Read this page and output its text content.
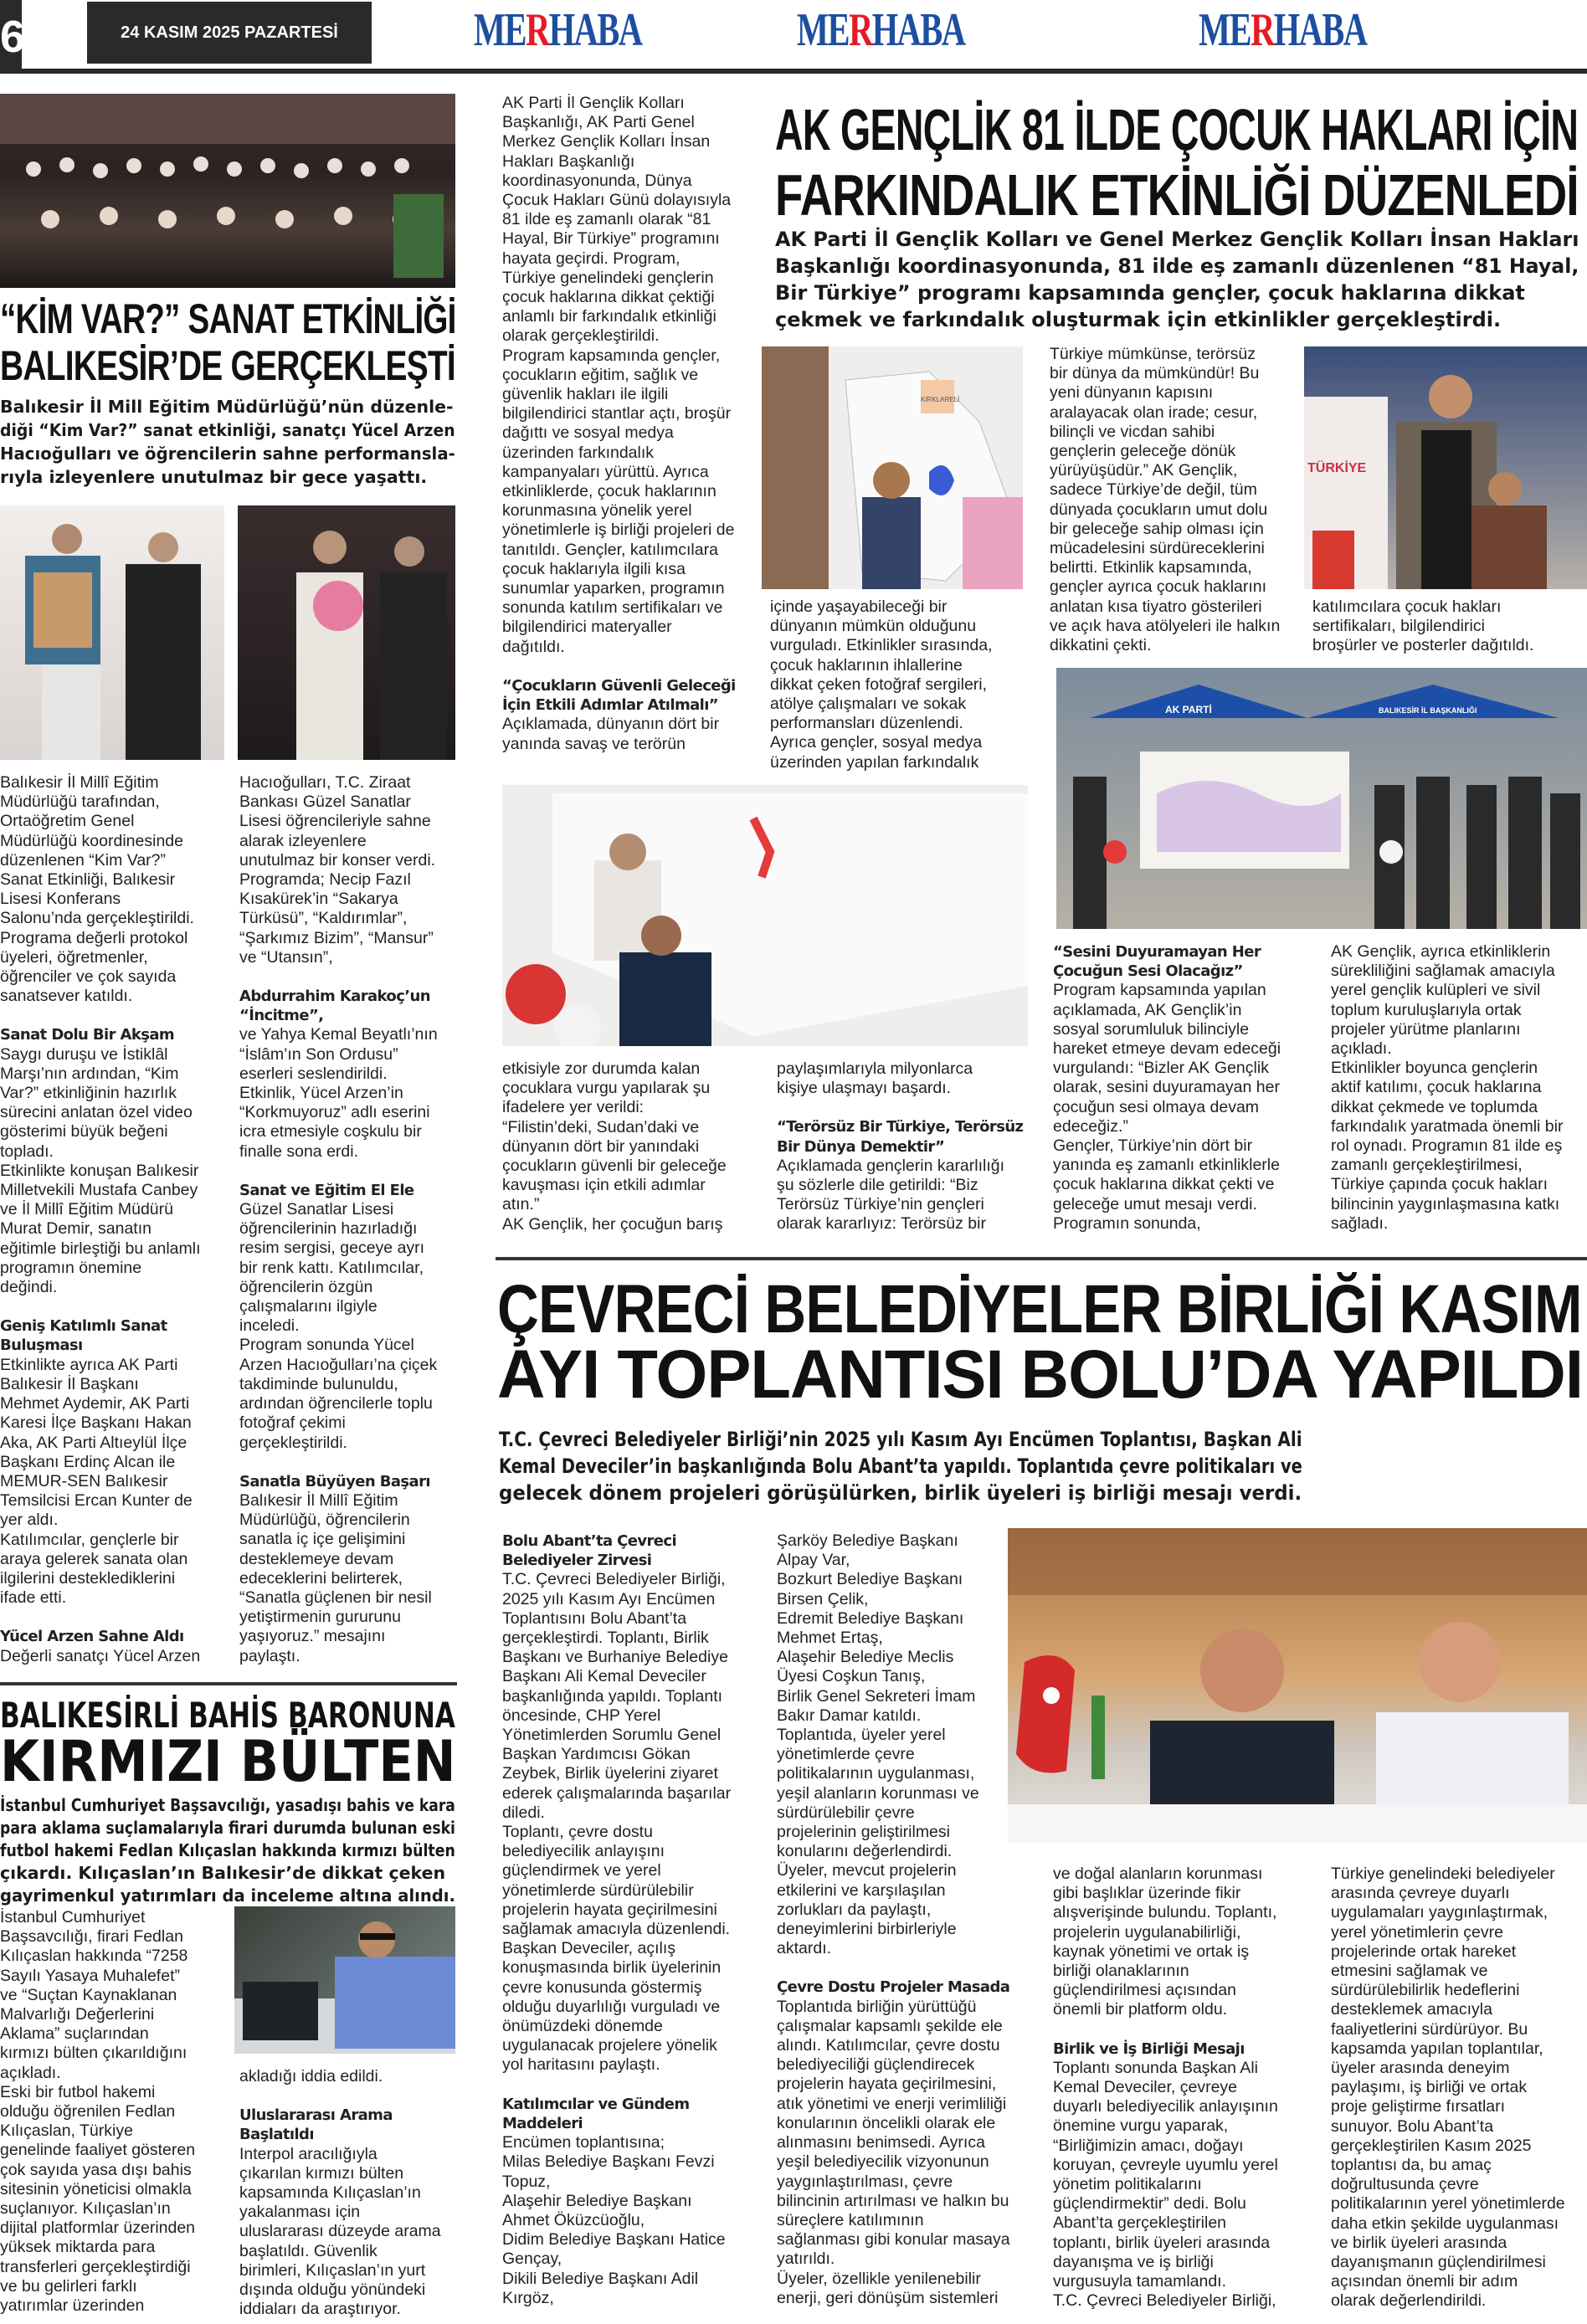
6	24 KASIM 2025 PAZARTESİ	MERHABA	MERHABA	MERHABA
“KİM VAR?” SANAT ETKİNLİĞİ
BALIKESİR’DE GERÇEKLEŞTİ
Balıkesir İl Mill Eğitim Müdürlüğü’nün düzenle-
diği “Kim Var?” sanat etkinliği, sanatçı Yücel Arzen
Hacıoğulları ve öğrencilerin sahne performansla-
rıyla izleyenlere unutulmaz bir gece yaşattı.

Balıkesir İl Millî Eğitim

Müdürlüğü tarafından,

Ortaöğretim Genel

Müdürlüğü koordinesinde

düzenlenen “Kim Var?”

Sanat Etkinliği, Balıkesir

Lisesi Konferans

Salonu’nda gerçekleştirildi.

Programa değerli protokol

üyeleri, öğretmenler,

öğrenciler ve çok sayıda

sanatsever katıldı.

Sanat Dolu Bir Akşam

Saygı duruşu ve İstiklâl

Marşı’nın ardından, “Kim

Var?” etkinliğinin hazırlık

sürecini anlatan özel video

gösterimi büyük beğeni

topladı.

Etkinlikte konuşan Balıkesir

Milletvekili Mustafa Canbey

ve İl Millî Eğitim Müdürü

Murat Demir, sanatın

eğitimle birleştiği bu anlamlı

programın önemine

değindi.

Geniş Katılımlı Sanat

Buluşması

Etkinlikte ayrıca AK Parti

Balıkesir İl Başkanı

Mehmet Aydemir, AK Parti

Karesi İlçe Başkanı Hakan

Aka, AK Parti Altıeylül İlçe

Başkanı Erdinç Alcan ile

MEMUR-SEN Balıkesir

Temsilcisi Ercan Kunter de

yer aldı.

Katılımcılar, gençlerle bir

araya gelerek sanata olan

ilgilerini desteklediklerini

ifade etti.

Yücel Arzen Sahne Aldı

Değerli sanatçı Yücel Arzen

Hacıoğulları, T.C. Ziraat

Bankası Güzel Sanatlar

Lisesi öğrencileriyle sahne

alarak izleyenlere

unutulmaz bir konser verdi.

Programda; Necip Fazıl

Kısakürek’in “Sakarya

Türküsü”, “Kaldırımlar”,

“Şarkımız Bizim”, “Mansur”

ve “Utansın”,

Abdurrahim Karakoç’un

“İncitme”,

ve Yahya Kemal Beyatlı’nın

“İslâm’ın Son Ordusu”

eserleri seslendirildi.

Etkinlik, Yücel Arzen’in

“Korkmuyoruz” adlı eserini

icra etmesiyle coşkulu bir

finalle sona erdi.

Sanat ve Eğitim El Ele

Güzel Sanatlar Lisesi

öğrencilerinin hazırladığı

resim sergisi, geceye ayrı

bir renk kattı. Katılımcılar,

öğrencilerin özgün

çalışmalarını ilgiyle

inceledi.

Program sonunda Yücel

Arzen Hacıoğulları’na çiçek

takdiminde bulunuldu,

ardından öğrencilerle toplu

fotoğraf çekimi

gerçekleştirildi.

Sanatla Büyüyen Başarı

Balıkesir İl Millî Eğitim

Müdürlüğü, öğrencilerin

sanatla iç içe gelişimini

desteklemeye devam

edeceklerini belirterek,

“Sanatla güçlenen bir nesil

yetiştirmenin gururunu

yaşıyoruz.” mesajını

paylaştı.

BALIKESİRLİ BAHİS BARONUNA
KIRMIZI BÜLTEN
İstanbul Cumhuriyet Başsavcılığı, yasadışı bahis ve kara
para aklama suçlamalarıyla firari durumda bulunan eski
futbol hakemi Fedlan Kılıçaslan hakkında kırmızı bülten
çıkardı. Kılıçaslan’ın Balıkesir’de dikkat çeken
gayrimenkul yatırımları da inceleme altına alındı.

İstanbul Cumhuriyet

Başsavcılığı, firari Fedlan

Kılıçaslan hakkında “7258

Sayılı Yasaya Muhalefet”

ve “Suçtan Kaynaklanan

Malvarlığı Değerlerini

Aklama” suçlarından

kırmızı bülten çıkarıldığını

açıkladı.

Eski bir futbol hakemi

olduğu öğrenilen Fedlan

Kılıçaslan, Türkiye

genelinde faaliyet gösteren

çok sayıda yasa dışı bahis

sitesinin yöneticisi olmakla

suçlanıyor. Kılıçaslan’ın

dijital platformlar üzerinden

yüksek miktarda para

transferleri gerçekleştirdiği

ve bu gelirleri farklı

yatırımlar üzerinden

akladığı iddia edildi.

Uluslararası Arama

Başlatıldı

Interpol aracılığıyla

çıkarılan kırmızı bülten

kapsamında Kılıçaslan’ın

yakalanması için

uluslararası düzeyde arama

başlatıldı. Güvenlik

birimleri, Kılıçaslan’ın yurt

dışında olduğu yönündeki

iddiaları da araştırıyor.

AK Parti İl Gençlik Kolları

Başkanlığı, AK Parti Genel

Merkez Gençlik Kolları İnsan

Hakları Başkanlığı

koordinasyonunda, Dünya

Çocuk Hakları Günü dolayısıyla

81 ilde eş zamanlı olarak “81

Hayal, Bir Türkiye” programını

hayata geçirdi. Program,

Türkiye genelindeki gençlerin

çocuk haklarına dikkat çektiği

anlamlı bir farkındalık etkinliği

olarak gerçekleştirildi.

Program kapsamında gençler,

çocukların eğitim, sağlık ve

güvenlik hakları ile ilgili

bilgilendirici stantlar açtı, broşür

dağıttı ve sosyal medya

üzerinden farkındalık

kampanyaları yürüttü. Ayrıca

etkinliklerde, çocuk haklarının

korunmasına yönelik yerel

yönetimlerle iş birliği projeleri de

tanıtıldı. Gençler, katılımcılara

çocuk haklarıyla ilgili kısa

sunumlar yaparken, programın

sonunda katılım sertifikaları ve

bilgilendirici materyaller

dağıtıldı.

“Çocukların Güvenli Geleceği

İçin Etkili Adımlar Atılmalı”

Açıklamada, dünyanın dört bir

yanında savaş ve terörün

AK GENÇLİK 81 İLDE ÇOCUK HAKLARI İÇİN
FARKINDALIK ETKİNLİĞİ DÜZENLEDİ
AK Parti İl Gençlik Kolları ve Genel Merkez Gençlik Kolları İnsan Hakları
Başkanlığı koordinasyonunda, 81 ilde eş zamanlı düzenlenen “81 Hayal,
Bir Türkiye” programı kapsamında gençler, çocuk haklarına dikkat
çekmek ve farkındalık oluşturmak için etkinlikler gerçekleştirdi.
KIRKLARELİ

Türkiye mümkünse, terörsüz

bir dünya da mümkündür! Bu

yeni dünyanın kapısını

aralayacak olan irade; cesur,

bilinçli ve vicdan sahibi

gençlerin geleceğe dönük

yürüyüşüdür.” AK Gençlik,

sadece Türkiye’de değil, tüm

dünyada çocukların umut dolu

bir geleceğe sahip olması için

mücadelesini sürdüreceklerini

belirtti. Etkinlik kapsamında,

gençler ayrıca çocuk haklarını

anlatan kısa tiyatro gösterileri

ve açık hava atölyeleri ile halkın

dikkatini çekti.

TÜRKİYE

içinde yaşayabileceği bir

dünyanın mümkün olduğunu

vurguladı. Etkinlikler sırasında,

çocuk haklarının ihlallerine

dikkat çeken fotoğraf sergileri,

atölye çalışmaları ve sokak

performansları düzenlendi.

Ayrıca gençler, sosyal medya

üzerinden yapılan farkındalık

katılımcılara çocuk hakları

sertifikaları, bilgilendirici

broşürler ve posterler dağıtıldı.

AK PARTİ	BALIKESİR İL BAŞKANLIĞI

etkisiyle zor durumda kalan

çocuklara vurgu yapılarak şu

ifadelere yer verildi:

“Filistin’deki, Sudan’daki ve

dünyanın dört bir yanındaki

çocukların güvenli bir geleceğe

kavuşması için etkili adımlar

atın.”

AK Gençlik, her çocuğun barış

paylaşımlarıyla milyonlarca

kişiye ulaşmayı başardı.

“Terörsüz Bir Türkiye, Terörsüz

Bir Dünya Demektir”

Açıklamada gençlerin kararlılığı

şu sözlerle dile getirildi: “Biz

Terörsüz Türkiye’nin gençleri

olarak kararlıyız: Terörsüz bir

“Sesini Duyuramayan Her

Çocuğun Sesi Olacağız”

Program kapsamında yapılan

açıklamada, AK Gençlik’in

sosyal sorumluluk bilinciyle

hareket etmeye devam edeceği

vurgulandı: “Bizler AK Gençlik

olarak, sesini duyuramayan her

çocuğun sesi olmaya devam

edeceğiz.”

Gençler, Türkiye’nin dört bir

yanında eş zamanlı etkinliklerle

çocuk haklarına dikkat çekti ve

geleceğe umut mesajı verdi.

Programın sonunda,

AK Gençlik, ayrıca etkinliklerin

sürekliliğini sağlamak amacıyla

yerel gençlik kulüpleri ve sivil

toplum kuruluşlarıyla ortak

projeler yürütme planlarını

açıkladı.

Etkinlikler boyunca gençlerin

aktif katılımı, çocuk haklarına

dikkat çekmede ve toplumda

farkındalık yaratmada önemli bir

rol oynadı. Programın 81 ilde eş

zamanlı gerçekleştirilmesi,

Türkiye çapında çocuk hakları

bilincinin yaygınlaşmasına katkı

sağladı.

ÇEVRECİ BELEDİYELER BİRLİĞİ KASIM
AYI TOPLANTISI BOLU’DA YAPILDI
T.C. Çevreci Belediyeler Birliği’nin 2025 yılı Kasım Ayı Encümen Toplantısı, Başkan Ali
Kemal Deveciler’in başkanlığında Bolu Abant’ta yapıldı. Toplantıda çevre politikaları ve
gelecek dönem projeleri görüşülürken, birlik üyeleri iş birliği mesajı verdi.

Bolu Abant’ta Çevreci

Belediyeler Zirvesi

T.C. Çevreci Belediyeler Birliği,

2025 yılı Kasım Ayı Encümen

Toplantısını Bolu Abant’ta

gerçekleştirdi. Toplantı, Birlik

Başkanı ve Burhaniye Belediye

Başkanı Ali Kemal Deveciler

başkanlığında yapıldı. Toplantı

öncesinde, CHP Yerel

Yönetimlerden Sorumlu Genel

Başkan Yardımcısı Gökan

Zeybek, Birlik üyelerini ziyaret

ederek çalışmalarında başarılar

diledi.

Toplantı, çevre dostu

belediyecilik anlayışını

güçlendirmek ve yerel

yönetimlerde sürdürülebilir

projelerin hayata geçirilmesini

sağlamak amacıyla düzenlendi.

Başkan Deveciler, açılış

konuşmasında birlik üyelerinin

çevre konusunda göstermiş

olduğu duyarlılığı vurguladı ve

önümüzdeki dönemde

uygulanacak projelere yönelik

yol haritasını paylaştı.

Katılımcılar ve Gündem

Maddeleri

Encümen toplantısına;

Milas Belediye Başkanı Fevzi

Topuz,

Alaşehir Belediye Başkanı

Ahmet Öküzcüoğlu,

Didim Belediye Başkanı Hatice

Gençay,

Dikili Belediye Başkanı Adil

Kırgöz,

Şarköy Belediye Başkanı

Alpay Var,

Bozkurt Belediye Başkanı

Birsen Çelik,

Edremit Belediye Başkanı

Mehmet Ertaş,

Alaşehir Belediye Meclis

Üyesi Coşkun Tanış,

Birlik Genel Sekreteri İmam

Bakır Damar katıldı.

Toplantıda, üyeler yerel

yönetimlerde çevre

politikalarının uygulanması,

yeşil alanların korunması ve

sürdürülebilir çevre

projelerinin geliştirilmesi

konularını değerlendirdi.

Üyeler, mevcut projelerin

etkilerini ve karşılaşılan

zorlukları da paylaştı,

deneyimlerini birbirleriyle

aktardı.

Çevre Dostu Projeler Masada

Toplantıda birliğin yürüttüğü

çalışmalar kapsamlı şekilde ele

alındı. Katılımcılar, çevre dostu

belediyeciliği güçlendirecek

projelerin hayata geçirilmesini,

atık yönetimi ve enerji verimliliği

konularının öncelikli olarak ele

alınmasını benimsedi. Ayrıca

yeşil belediyecilik vizyonunun

yaygınlaştırılması, çevre

bilincinin artırılması ve halkın bu

süreçlere katılımının

sağlanması gibi konular masaya

yatırıldı.

Üyeler, özellikle yenilenebilir

enerji, geri dönüşüm sistemleri

ve doğal alanların korunması

gibi başlıklar üzerinde fikir

alışverişinde bulundu. Toplantı,

projelerin uygulanabilirliği,

kaynak yönetimi ve ortak iş

birliği olanaklarının

güçlendirilmesi açısından

önemli bir platform oldu.

Birlik ve İş Birliği Mesajı

Toplantı sonunda Başkan Ali

Kemal Deveciler, çevreye

duyarlı belediyecilik anlayışının

önemine vurgu yaparak,

“Birliğimizin amacı, doğayı

koruyan, çevreyle uyumlu yerel

yönetim politikalarını

güçlendirmektir” dedi. Bolu

Abant’ta gerçekleştirilen

toplantı, birlik üyeleri arasında

dayanışma ve iş birliği

vurgusuyla tamamlandı.

T.C. Çevreci Belediyeler Birliği,

Türkiye genelindeki belediyeler

arasında çevreye duyarlı

uygulamaları yaygınlaştırmak,

yerel yönetimlerin çevre

projelerinde ortak hareket

etmesini sağlamak ve

sürdürülebilirlik hedeflerini

desteklemek amacıyla

faaliyetlerini sürdürüyor. Bu

kapsamda yapılan toplantılar,

üyeler arasında deneyim

paylaşımı, iş birliği ve ortak

proje geliştirme fırsatları

sunuyor. Bolu Abant’ta

gerçekleştirilen Kasım 2025

toplantısı da, bu amaç

doğrultusunda çevre

politikalarının yerel yönetimlerde

daha etkin şekilde uygulanması

ve birlik üyeleri arasında

dayanışmanın güçlendirilmesi

açısından önemli bir adım

olarak değerlendirildi.
